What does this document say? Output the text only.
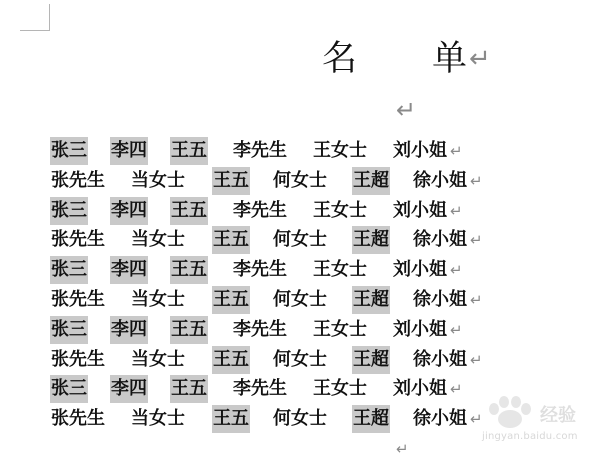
名	单 ↵
↵
张三 李四 王五 李先生 王女士 刘小姐 ↵
张先生 当女士 王五 何女士 王超 徐小姐 ↵
张三 李四 王五 李先生 王女士 刘小姐 ↵
张先生 当女士 王五 何女士 王超 徐小姐 ↵
张三 李四 王五 李先生 王女士 刘小姐 ↵
张先生 当女士 王五 何女士 王超 徐小姐 ↵
张三 李四 王五 李先生 王女士 刘小姐 ↵
张先生 当女士 王五 何女士 王超 徐小姐 ↵
张三 李四 王五 李先生 王女士 刘小姐 ↵
张先生 当女士 王五 何女士 王超 徐小姐 ↵
↵
经验
jingyan.baidu.com
